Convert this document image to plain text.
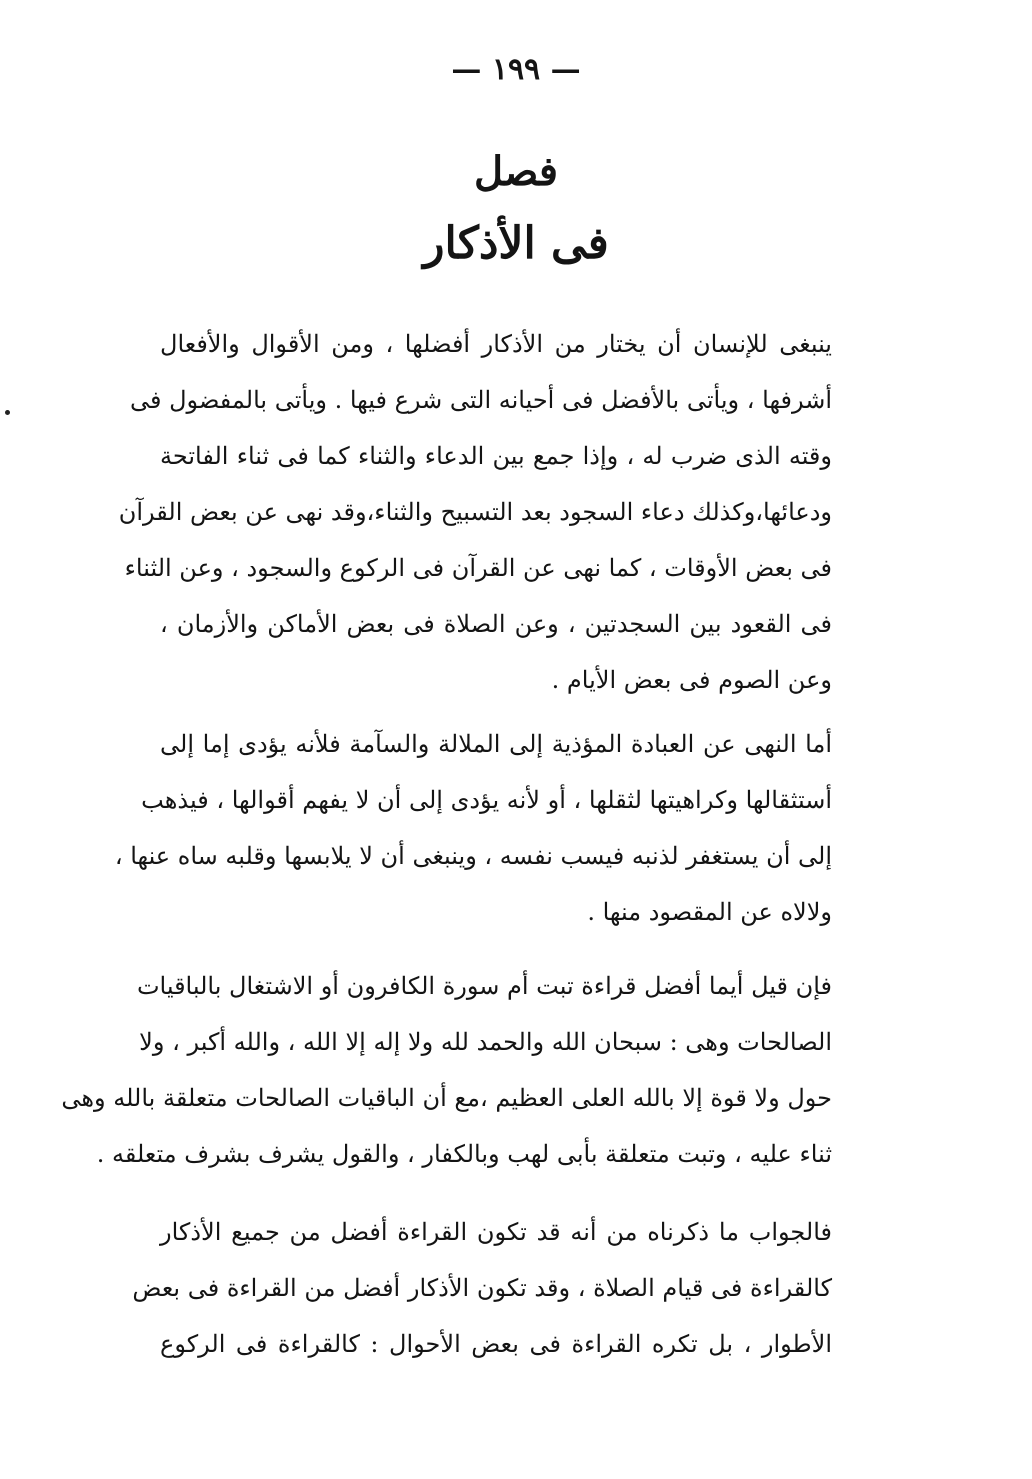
— ١٩٩ —
فصل
فى الأذكار
ينبغى للإنسان أن يختار من الأذكار أفضلها ، ومن الأقوال والأفعال
أشرفها ، ويأتى بالأفضل فى أحيانه التى شرع فيها . ويأتى بالمفضول فى
وقته الذى ضرب له ، وإذا جمع بين الدعاء والثناء كما فى ثناء الفاتحة
ودعائها،وكذلك دعاء السجود بعد التسبيح والثناء،وقد نهى عن بعض القرآن
فى بعض الأوقات ، كما نهى عن القرآن فى الركوع والسجود ، وعن الثناء
فى القعود بين السجدتين ، وعن الصلاة فى بعض الأماكن والأزمان ،
وعن الصوم فى بعض الأيام .
أما النهى عن العبادة المؤذية إلى الملالة والسآمة فلأنه يؤدى إما إلى
أستثقالها وكراهيتها لثقلها ، أو لأنه يؤدى إلى أن لا يفهم أقوالها ، فيذهب
إلى أن يستغفر لذنبه فيسب نفسه ، وينبغى أن لا يلابسها وقلبه ساه عنها ،
ولالاه عن المقصود منها .
فإن قيل أيما أفضل قراءة تبت أم سورة الكافرون أو الاشتغال بالباقيات
الصالحات وهى : سبحان الله والحمد لله ولا إله إلا الله ، والله أكبر ، ولا
حول ولا قوة إلا بالله العلى العظيم ،مع أن الباقيات الصالحات متعلقة بالله وهى
ثناء عليه ، وتبت متعلقة بأبى لهب وبالكفار ، والقول يشرف بشرف متعلقه .
فالجواب ما ذكرناه من أنه قد تكون القراءة أفضل من جميع الأذكار
كالقراءة فى قيام الصلاة ، وقد تكون الأذكار أفضل من القراءة فى بعض
الأطوار ، بل تكره القراءة فى بعض الأحوال : كالقراءة فى الركوع
